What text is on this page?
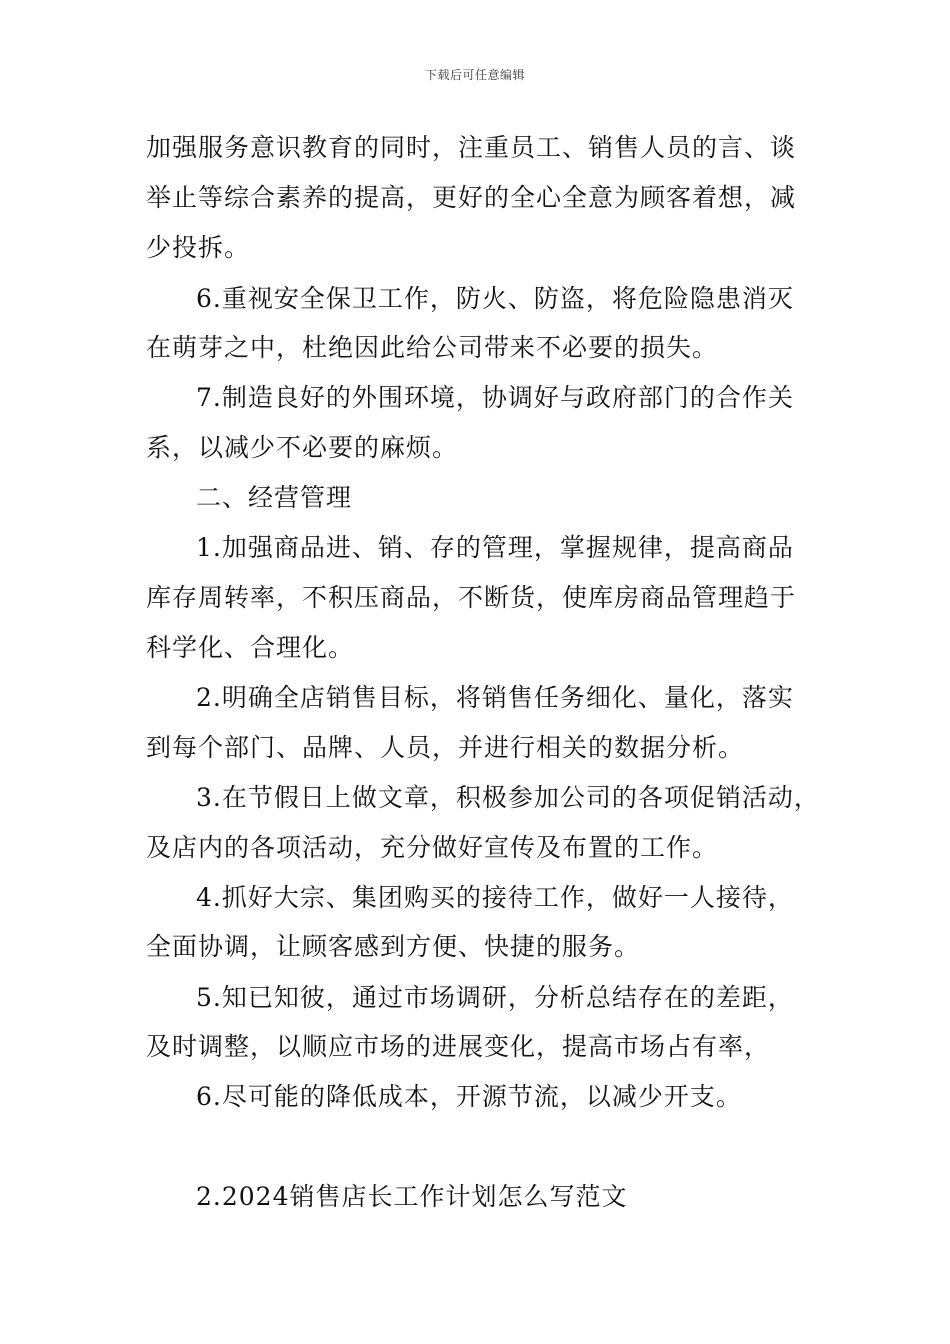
下载后可任意编辑
加强服务意识教育的同时，注重员工、销售人员的言、谈
举止等综合素养的提高，更好的全心全意为顾客着想，减
少投拆。
6.重视安全保卫工作，防火、防盗，将危险隐患消灭
在萌芽之中，杜绝因此给公司带来不必要的损失。
7.制造良好的外围环境，协调好与政府部门的合作关
系，以减少不必要的麻烦。
二、经营管理
1.加强商品进、销、存的管理，掌握规律，提高商品
库存周转率，不积压商品，不断货，使库房商品管理趋于
科学化、合理化。
2.明确全店销售目标，将销售任务细化、量化，落实
到每个部门、品牌、人员，并进行相关的数据分析。
3.在节假日上做文章，积极参加公司的各项促销活动，
及店内的各项活动，充分做好宣传及布置的工作。
4.抓好大宗、集团购买的接待工作，做好一人接待，
全面协调，让顾客感到方便、快捷的服务。
5.知已知彼，通过市场调研，分析总结存在的差距，
及时调整，以顺应市场的进展变化，提高市场占有率，
6.尽可能的降低成本，开源节流，以减少开支。
2.2024销售店长工作计划怎么写范文
